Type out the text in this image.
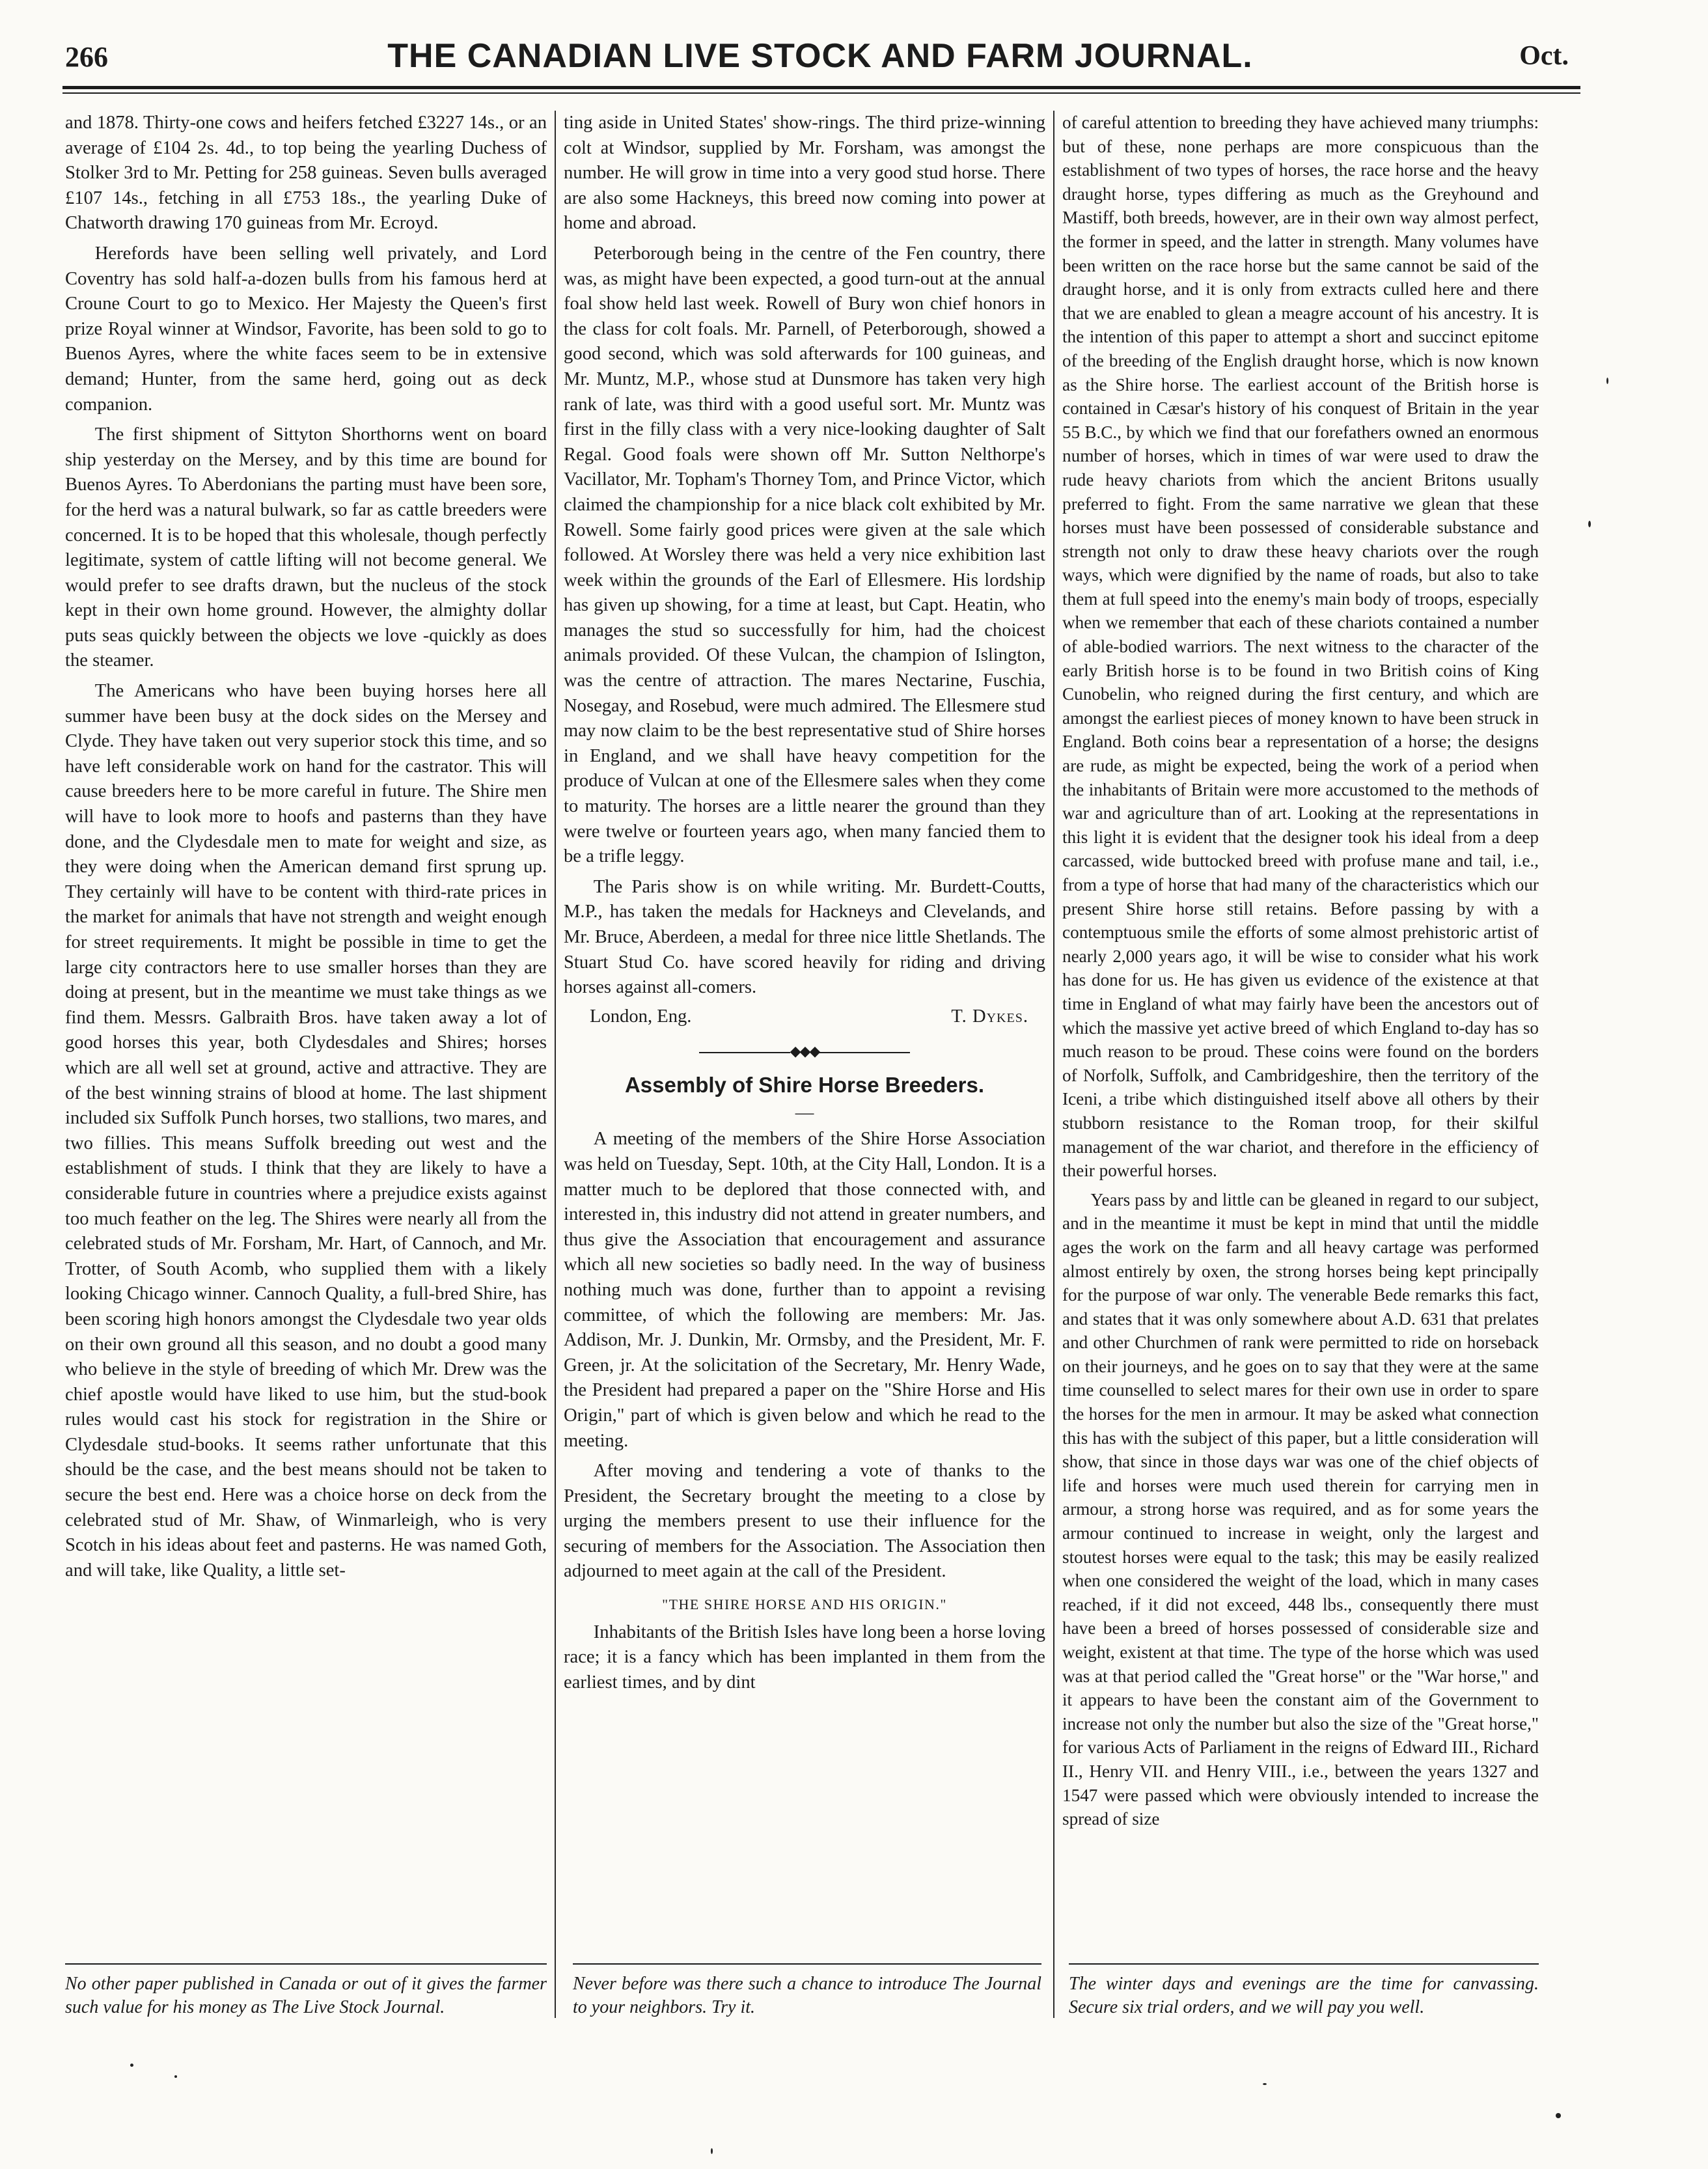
266	THE CANADIAN LIVE STOCK AND FARM JOURNAL.	Oct.

and 1878. Thirty-one cows and heifers fetched £3227 14s., or an average of £104 2s. 4d., to top being the yearling Duchess of Stolker 3rd to Mr. Petting for 258 guineas. Seven bulls averaged £107 14s., fetching in all £753 18s., the yearling Duke of Chatworth drawing 170 guineas from Mr. Ecroyd.

Herefords have been selling well privately, and Lord Coventry has sold half-a-dozen bulls from his famous herd at Croune Court to go to Mexico. Her Majesty the Queen's first prize Royal winner at Windsor, Favorite, has been sold to go to Buenos Ayres, where the white faces seem to be in extensive demand; Hunter, from the same herd, going out as deck companion.

The first shipment of Sittyton Shorthorns went on board ship yesterday on the Mersey, and by this time are bound for Buenos Ayres. To Aberdonians the parting must have been sore, for the herd was a natural bulwark, so far as cattle breeders were concerned. It is to be hoped that this wholesale, though perfectly legitimate, system of cattle lifting will not become general. We would prefer to see drafts drawn, but the nucleus of the stock kept in their own home ground. However, the almighty dollar puts seas quickly between the objects we love -quickly as does the steamer.

The Americans who have been buying horses here all summer have been busy at the dock sides on the Mersey and Clyde. They have taken out very superior stock this time, and so have left considerable work on hand for the castrator. This will cause breeders here to be more careful in future. The Shire men will have to look more to hoofs and pasterns than they have done, and the Clydesdale men to mate for weight and size, as they were doing when the American demand first sprung up. They certainly will have to be content with third-rate prices in the market for animals that have not strength and weight enough for street requirements. It might be possible in time to get the large city contractors here to use smaller horses than they are doing at present, but in the meantime we must take things as we find them. Messrs. Galbraith Bros. have taken away a lot of good horses this year, both Clydesdales and Shires; horses which are all well set at ground, active and attractive. They are of the best winning strains of blood at home. The last shipment included six Suffolk Punch horses, two stallions, two mares, and two fillies. This means Suffolk breeding out west and the establishment of studs. I think that they are likely to have a considerable future in countries where a prejudice exists against too much feather on the leg. The Shires were nearly all from the celebrated studs of Mr. Forsham, Mr. Hart, of Cannoch, and Mr. Trotter, of South Acomb, who supplied them with a likely looking Chicago winner. Cannoch Quality, a full-bred Shire, has been scoring high honors amongst the Clydesdale two year olds on their own ground all this season, and no doubt a good many who believe in the style of breeding of which Mr. Drew was the chief apostle would have liked to use him, but the stud-book rules would cast his stock for registration in the Shire or Clydesdale stud-books. It seems rather unfortunate that this should be the case, and the best means should not be taken to secure the best end. Here was a choice horse on deck from the celebrated stud of Mr. Shaw, of Winmarleigh, who is very Scotch in his ideas about feet and pasterns. He was named Goth, and will take, like Quality, a little set-

ting aside in United States' show-rings. The third prize-winning colt at Windsor, supplied by Mr. Forsham, was amongst the number. He will grow in time into a very good stud horse. There are also some Hackneys, this breed now coming into power at home and abroad.

Peterborough being in the centre of the Fen country, there was, as might have been expected, a good turn-out at the annual foal show held last week. Rowell of Bury won chief honors in the class for colt foals. Mr. Parnell, of Peterborough, showed a good second, which was sold afterwards for 100 guineas, and Mr. Muntz, M.P., whose stud at Dunsmore has taken very high rank of late, was third with a good useful sort. Mr. Muntz was first in the filly class with a very nice-looking daughter of Salt Regal. Good foals were shown off Mr. Sutton Nelthorpe's Vacillator, Mr. Topham's Thorney Tom, and Prince Victor, which claimed the championship for a nice black colt exhibited by Mr. Rowell. Some fairly good prices were given at the sale which followed. At Worsley there was held a very nice exhibition last week within the grounds of the Earl of Ellesmere. His lordship has given up showing, for a time at least, but Capt. Heatin, who manages the stud so successfully for him, had the choicest animals provided. Of these Vulcan, the champion of Islington, was the centre of attraction. The mares Nectarine, Fuschia, Nosegay, and Rosebud, were much admired. The Ellesmere stud may now claim to be the best representative stud of Shire horses in England, and we shall have heavy competition for the produce of Vulcan at one of the Ellesmere sales when they come to maturity. The horses are a little nearer the ground than they were twelve or fourteen years ago, when many fancied them to be a trifle leggy.

The Paris show is on while writing. Mr. Burdett-Coutts, M.P., has taken the medals for Hackneys and Clevelands, and Mr. Bruce, Aberdeen, a medal for three nice little Shetlands. The Stuart Stud Co. have scored heavily for riding and driving horses against all-comers.

London, Eng.	T. Dykes.
◆◆◆
Assembly of Shire Horse Breeders.
—

A meeting of the members of the Shire Horse Association was held on Tuesday, Sept. 10th, at the City Hall, London. It is a matter much to be deplored that those connected with, and interested in, this industry did not attend in greater numbers, and thus give the Association that encouragement and assurance which all new societies so badly need. In the way of business nothing much was done, further than to appoint a revising committee, of which the following are members: Mr. Jas. Addison, Mr. J. Dunkin, Mr. Ormsby, and the President, Mr. F. Green, jr. At the solicitation of the Secretary, Mr. Henry Wade, the President had prepared a paper on the "Shire Horse and His Origin," part of which is given below and which he read to the meeting.

After moving and tendering a vote of thanks to the President, the Secretary brought the meeting to a close by urging the members present to use their influence for the securing of members for the Association. The Association then adjourned to meet again at the call of the President.

"THE SHIRE HORSE AND HIS ORIGIN."

Inhabitants of the British Isles have long been a horse loving race; it is a fancy which has been implanted in them from the earliest times, and by dint

of careful attention to breeding they have achieved many triumphs: but of these, none perhaps are more conspicuous than the establishment of two types of horses, the race horse and the heavy draught horse, types differing as much as the Greyhound and Mastiff, both breeds, however, are in their own way almost perfect, the former in speed, and the latter in strength. Many volumes have been written on the race horse but the same cannot be said of the draught horse, and it is only from extracts culled here and there that we are enabled to glean a meagre account of his ancestry. It is the intention of this paper to attempt a short and succinct epitome of the breeding of the English draught horse, which is now known as the Shire horse. The earliest account of the British horse is contained in Cæsar's history of his conquest of Britain in the year 55 B.C., by which we find that our forefathers owned an enormous number of horses, which in times of war were used to draw the rude heavy chariots from which the ancient Britons usually preferred to fight. From the same narrative we glean that these horses must have been possessed of considerable substance and strength not only to draw these heavy chariots over the rough ways, which were dignified by the name of roads, but also to take them at full speed into the enemy's main body of troops, especially when we remember that each of these chariots contained a number of able-bodied warriors. The next witness to the character of the early British horse is to be found in two British coins of King Cunobelin, who reigned during the first century, and which are amongst the earliest pieces of money known to have been struck in England. Both coins bear a representation of a horse; the designs are rude, as might be expected, being the work of a period when the inhabitants of Britain were more accustomed to the methods of war and agriculture than of art. Looking at the representations in this light it is evident that the designer took his ideal from a deep carcassed, wide buttocked breed with profuse mane and tail, i.e., from a type of horse that had many of the characteristics which our present Shire horse still retains. Before passing by with a contemptuous smile the efforts of some almost prehistoric artist of nearly 2,000 years ago, it will be wise to consider what his work has done for us. He has given us evidence of the existence at that time in England of what may fairly have been the ancestors out of which the massive yet active breed of which England to-day has so much reason to be proud. These coins were found on the borders of Norfolk, Suffolk, and Cambridgeshire, then the territory of the Iceni, a tribe which distinguished itself above all others by their stubborn resistance to the Roman troop, for their skilful management of the war chariot, and therefore in the efficiency of their powerful horses.

Years pass by and little can be gleaned in regard to our subject, and in the meantime it must be kept in mind that until the middle ages the work on the farm and all heavy cartage was performed almost entirely by oxen, the strong horses being kept principally for the purpose of war only. The venerable Bede remarks this fact, and states that it was only somewhere about A.D. 631 that prelates and other Churchmen of rank were permitted to ride on horseback on their journeys, and he goes on to say that they were at the same time counselled to select mares for their own use in order to spare the horses for the men in armour. It may be asked what connection this has with the subject of this paper, but a little consideration will show, that since in those days war was one of the chief objects of life and horses were much used therein for carrying men in armour, a strong horse was required, and as for some years the armour continued to increase in weight, only the largest and stoutest horses were equal to the task; this may be easily realized when one considered the weight of the load, which in many cases reached, if it did not exceed, 448 lbs., consequently there must have been a breed of horses possessed of considerable size and weight, existent at that time. The type of the horse which was used was at that period called the "Great horse" or the "War horse," and it appears to have been the constant aim of the Government to increase not only the number but also the size of the "Great horse," for various Acts of Parliament in the reigns of Edward III., Richard II., Henry VII. and Henry VIII., i.e., between the years 1327 and 1547 were passed which were obviously intended to increase the spread of size

No other paper published in Canada or out of it gives the farmer such value for his money as The Live Stock Journal.
Never before was there such a chance to introduce The Journal to your neighbors. Try it.
The winter days and evenings are the time for canvassing. Secure six trial orders, and we will pay you well.
